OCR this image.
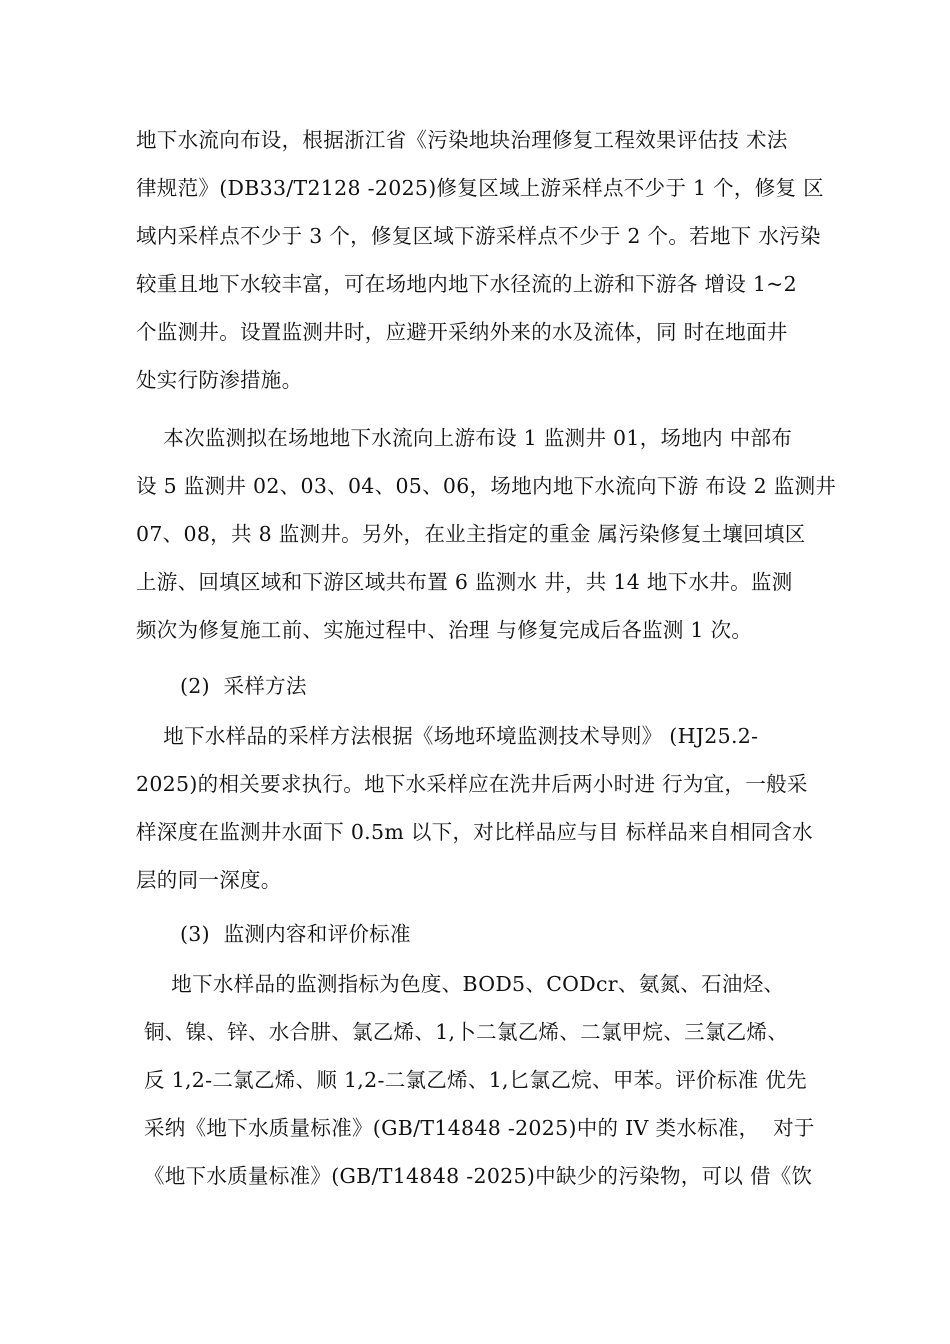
地下水流向布设，根据浙江省《污染地块治理修复工程效果评估技 术法
律规范》(DB33/T2128 -2025)修复区域上游采样点不少于 1 个，修复 区
域内采样点不少于 3 个，修复区域下游采样点不少于 2 个。若地下 水污染
较重且地下水较丰富，可在场地内地下水径流的上游和下游各 增设 1~2
个监测井。设置监测井时，应避开采纳外来的水及流体，同 时在地面井
处实行防渗措施。
本次监测拟在场地地下水流向上游布设 1 监测井 01，场地内 中部布
设 5 监测井 02、03、04、05、06，场地内地下水流向下游 布设 2 监测井
07、08，共 8 监测井。另外，在业主指定的重金 属污染修复土壤回填区
上游、回填区域和下游区域共布置 6 监测水 井，共 14 地下水井。监测
频次为修复施工前、实施过程中、治理 与修复完成后各监测 1 次。
(2)  采样方法
地下水样品的采样方法根据《场地环境监测技术导则》 (HJ25.2-
2025)的相关要求执行。地下水采样应在洗井后两小时进 行为宜，一般采
样深度在监测井水面下 0.5m 以下，对比样品应与目 标样品来自相同含水
层的同一深度。
(3)  监测内容和评价标准
地下水样品的监测指标为色度、BOD5、CODcr、氨氮、石油烃、
铜、镍、锌、水合肼、氯乙烯、1,卜二氯乙烯、二氯甲烷、三氯乙烯、
反 1,2-二氯乙烯、顺 1,2-二氯乙烯、1,匕氯乙烷、甲苯。评价标准 优先
采纳《地下水质量标准》(GB/T14848 -2025)中的 IV 类水标准，  对于
《地下水质量标准》(GB/T14848 -2025)中缺少的污染物，可以 借《饮
